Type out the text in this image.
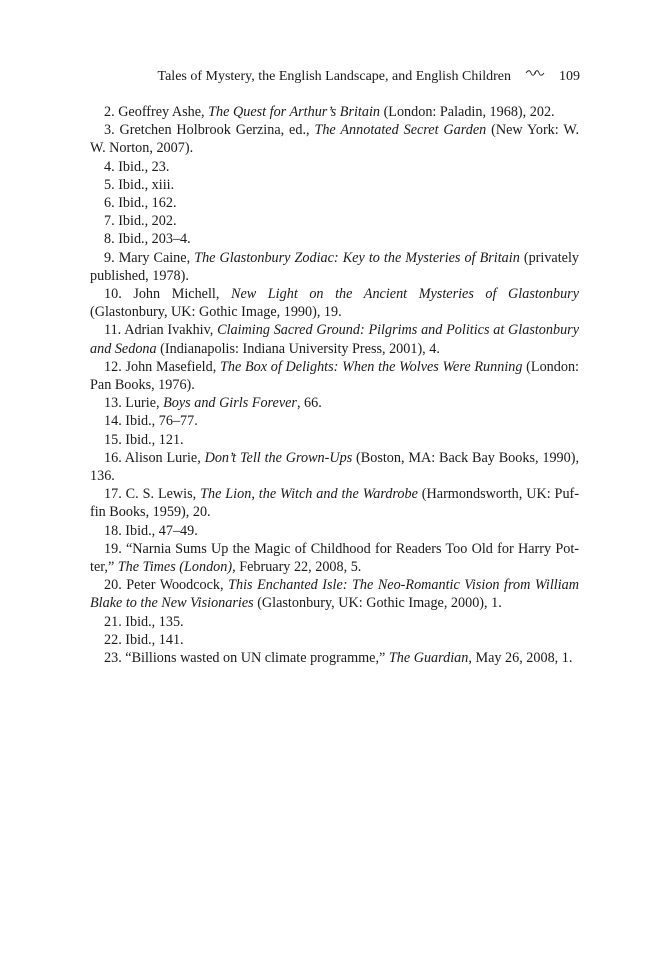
Tales of Mystery, the English Landscape, and English Children	109

2. Geoffrey Ashe, The Quest for Arthur’s Britain (London: Paladin, 1968), 202.

3. Gretchen Holbrook Gerzina, ed., The Annotated Secret Garden (New York: W. W. Norton, 2007).

4. Ibid., 23.

5. Ibid., xiii.

6. Ibid., 162.

7. Ibid., 202.

8. Ibid., 203–4.

9. Mary Caine, The Glastonbury Zodiac: Key to the Mysteries of Britain (privately published, 1978).

10. John Michell, New Light on the Ancient Mysteries of Glastonbury (Glastonbury, UK: Gothic Image, 1990), 19.

11. Adrian Ivakhiv, Claiming Sacred Ground: Pilgrims and Politics at Glastonbury and Sedona (Indianapolis: Indiana University Press, 2001), 4.

12. John Masefield, The Box of Delights: When the Wolves Were Running (London: Pan Books, 1976).

13. Lurie, Boys and Girls Forever, 66.

14. Ibid., 76–77.

15. Ibid., 121.

16. Alison Lurie, Don’t Tell the Grown-Ups (Boston, MA: Back Bay Books, 1990), 136.

17. C. S. Lewis, The Lion, the Witch and the Wardrobe (Harmondsworth, UK: Puffin Books, 1959), 20.

18. Ibid., 47–49.

19. “Narnia Sums Up the Magic of Childhood for Readers Too Old for Harry Potter,” The Times (London), February 22, 2008, 5.

20. Peter Woodcock, This Enchanted Isle: The Neo-Romantic Vision from William Blake to the New Visionaries (Glastonbury, UK: Gothic Image, 2000), 1.

21. Ibid., 135.

22. Ibid., 141.

23. “Billions wasted on UN climate programme,” The Guardian, May 26, 2008, 1.
